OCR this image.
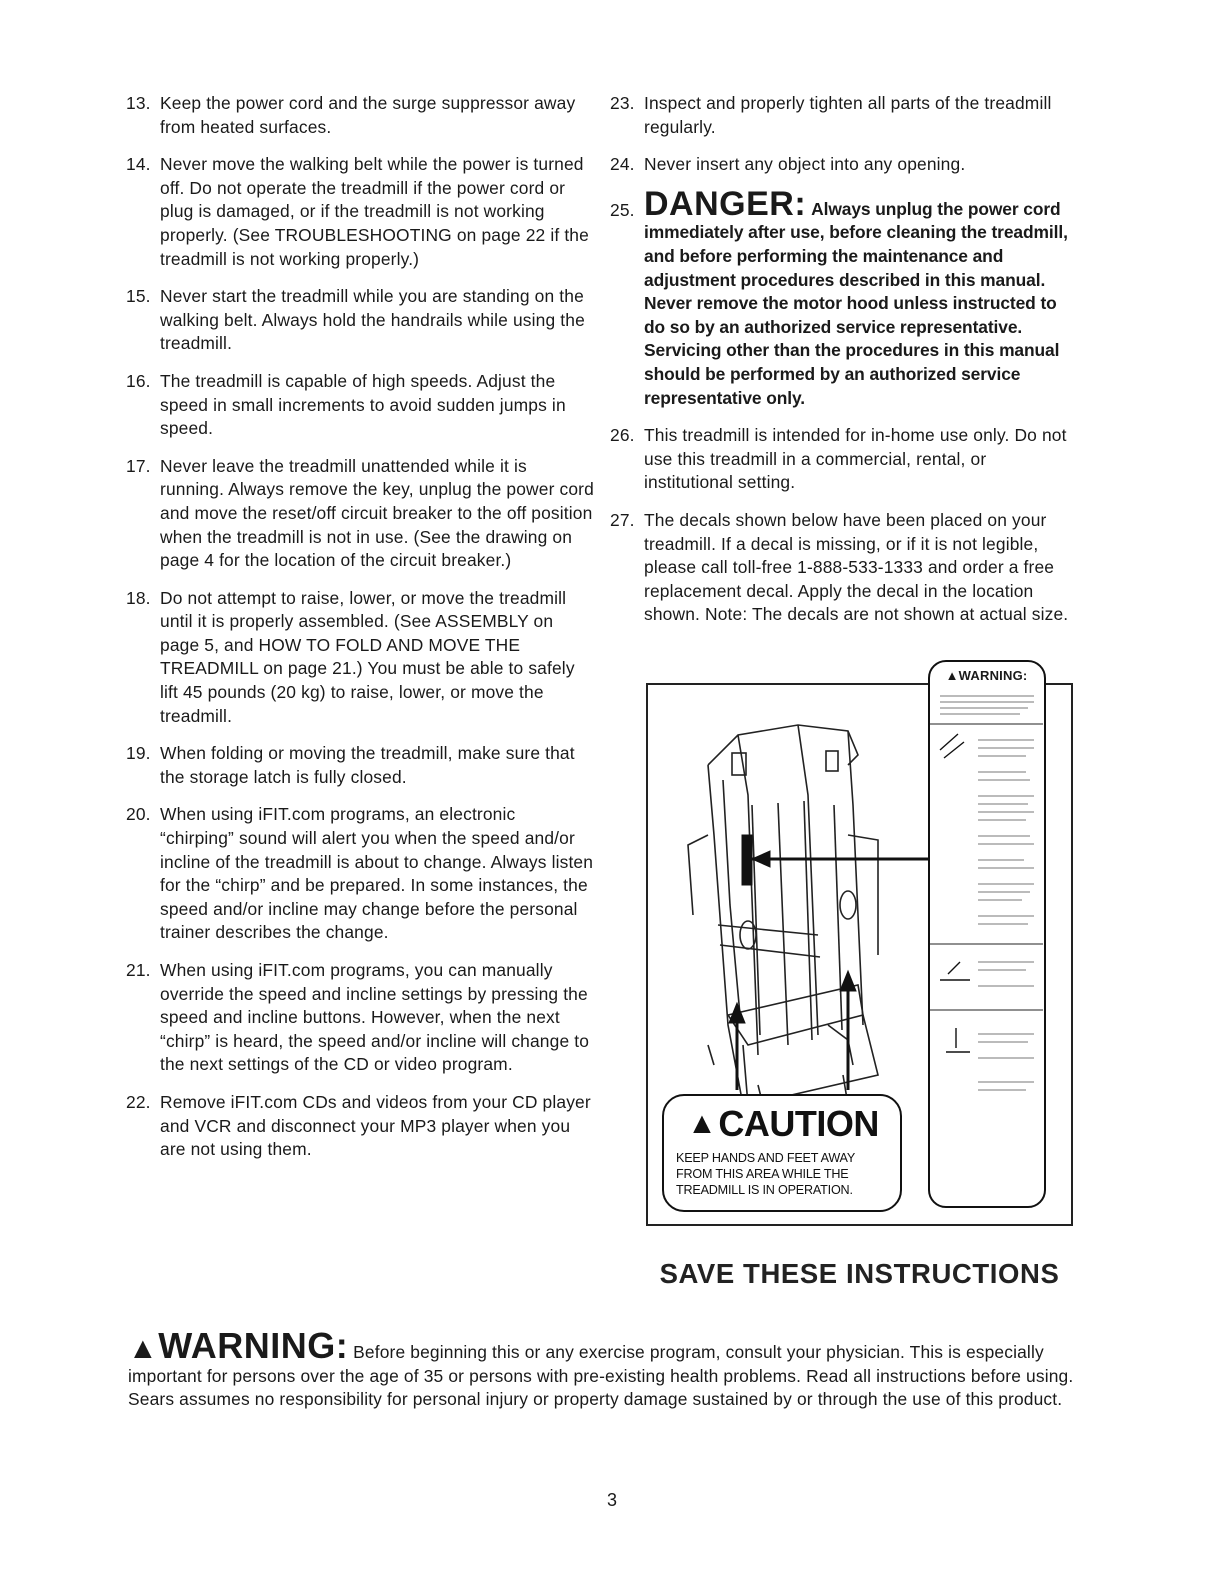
13. Keep the power cord and the surge suppressor away from heated surfaces.
14. Never move the walking belt while the power is turned off. Do not operate the treadmill if the power cord or plug is damaged, or if the treadmill is not working properly. (See TROUBLESHOOTING on page 22 if the treadmill is not working properly.)
15. Never start the treadmill while you are standing on the walking belt. Always hold the handrails while using the treadmill.
16. The treadmill is capable of high speeds. Adjust the speed in small increments to avoid sudden jumps in speed.
17. Never leave the treadmill unattended while it is running. Always remove the key, unplug the power cord and move the reset/off circuit breaker to the off position when the treadmill is not in use. (See the drawing on page 4 for the location of the circuit breaker.)
18. Do not attempt to raise, lower, or move the treadmill until it is properly assembled. (See ASSEMBLY on page 5, and HOW TO FOLD AND MOVE THE TREADMILL on page 21.) You must be able to safely lift 45 pounds (20 kg) to raise, lower, or move the treadmill.
19. When folding or moving the treadmill, make sure that the storage latch is fully closed.
20. When using iFIT.com programs, an electronic “chirping” sound will alert you when the speed and/or incline of the treadmill is about to change. Always listen for the “chirp” and be prepared. In some instances, the speed and/or incline may change before the personal trainer describes the change.
21. When using iFIT.com programs, you can manually override the speed and incline settings by pressing the speed and incline buttons. However, when the next “chirp” is heard, the speed and/or incline will change to the next settings of the CD or video program.
22. Remove iFIT.com CDs and videos from your CD player and VCR and disconnect your MP3 player when you are not using them.
23. Inspect and properly tighten all parts of the treadmill regularly.
24. Never insert any object into any opening.
25. DANGER: Always unplug the power cord immediately after use, before cleaning the treadmill, and before performing the maintenance and adjustment procedures described in this manual. Never remove the motor hood unless instructed to do so by an authorized service representative. Servicing other than the procedures in this manual should be performed by an authorized service representative only.
26. This treadmill is intended for in-home use only. Do not use this treadmill in a commercial, rental, or institutional setting.
27. The decals shown below have been placed on your treadmill. If a decal is missing, or if it is not legible, please call toll-free 1-888-533-1333 and order a free replacement decal. Apply the decal in the location shown. Note: The decals are not shown at actual size.
▲WARNING:
▲ CAUTION
KEEP HANDS AND FEET AWAY
FROM THIS AREA WHILE THE
TREADMILL IS IN OPERATION.
SAVE THESE INSTRUCTIONS
▲WARNING: Before beginning this or any exercise program, consult your physician. This is especially important for persons over the age of 35 or persons with pre-existing health problems. Read all instructions before using. Sears assumes no responsibility for personal injury or property damage sustained by or through the use of this product.
3
